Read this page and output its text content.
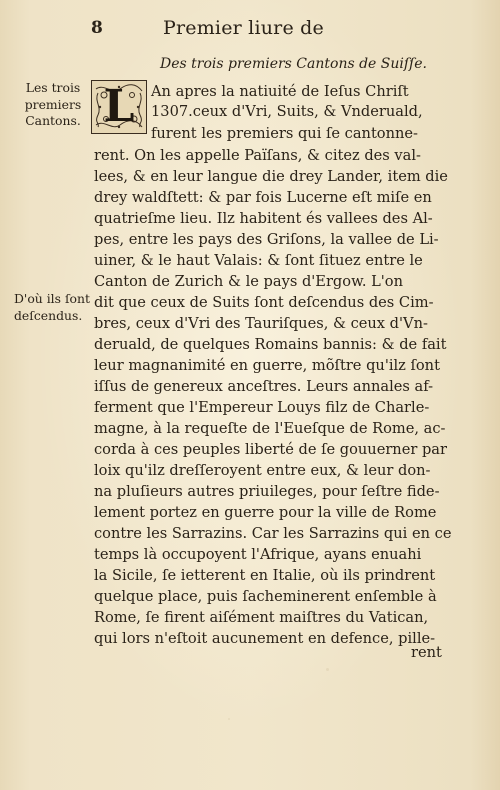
8	Premier liure de
Des trois premiers Cantons de Suiſſe.
Les trois premiers Cantons.
D'où ils ſont deſcendus.
L	An apres la natiuité de Ieſus Chriſt
1307.ceux d'Vri, Suits, & Vnderuald,
furent les premiers qui ſe cantonne-
rent. On les appelle Païſans, & citez des val-
lees, & en leur langue die drey Lander, item die
drey waldſtett: & par fois Lucerne eſt miſe en
quatrieſme lieu. Ilz habitent és vallees des Al-
pes, entre les pays des Griſons, la vallee de Li-
uiner, & le haut Valais: & ſont ſituez entre le
Canton de Zurich & le pays d'Ergow. L'on
dit que ceux de Suits ſont deſcendus des Cim-
bres, ceux d'Vri des Tauriſques, & ceux d'Vn-
deruald, de quelques Romains bannis: & de fait
leur magnanimité en guerre, mõſtre qu'ilz ſont
iſſus de genereux anceſtres. Leurs annales af-
ferment que l'Empereur Louys filz de Charle-
magne, à la requeſte de l'Eueſque de Rome, ac-
corda à ces peuples liberté de ſe gouuerner par
loix qu'ilz dreſſeroyent entre eux, & leur don-
na pluſieurs autres priuileges, pour ſeſtre fide-
lement portez en guerre pour la ville de Rome
contre les Sarrazins. Car les Sarrazins qui en ce
temps là occupoyent l'Afrique, ayans enuahi
la Sicile, ſe ietterent en Italie, où ils prindrent
quelque place, puis ſacheminerent enſemble à
Rome, ſe firent aiſément maiſtres du Vatican,
qui lors n'eſtoit aucunement en defence, pille-
rent
